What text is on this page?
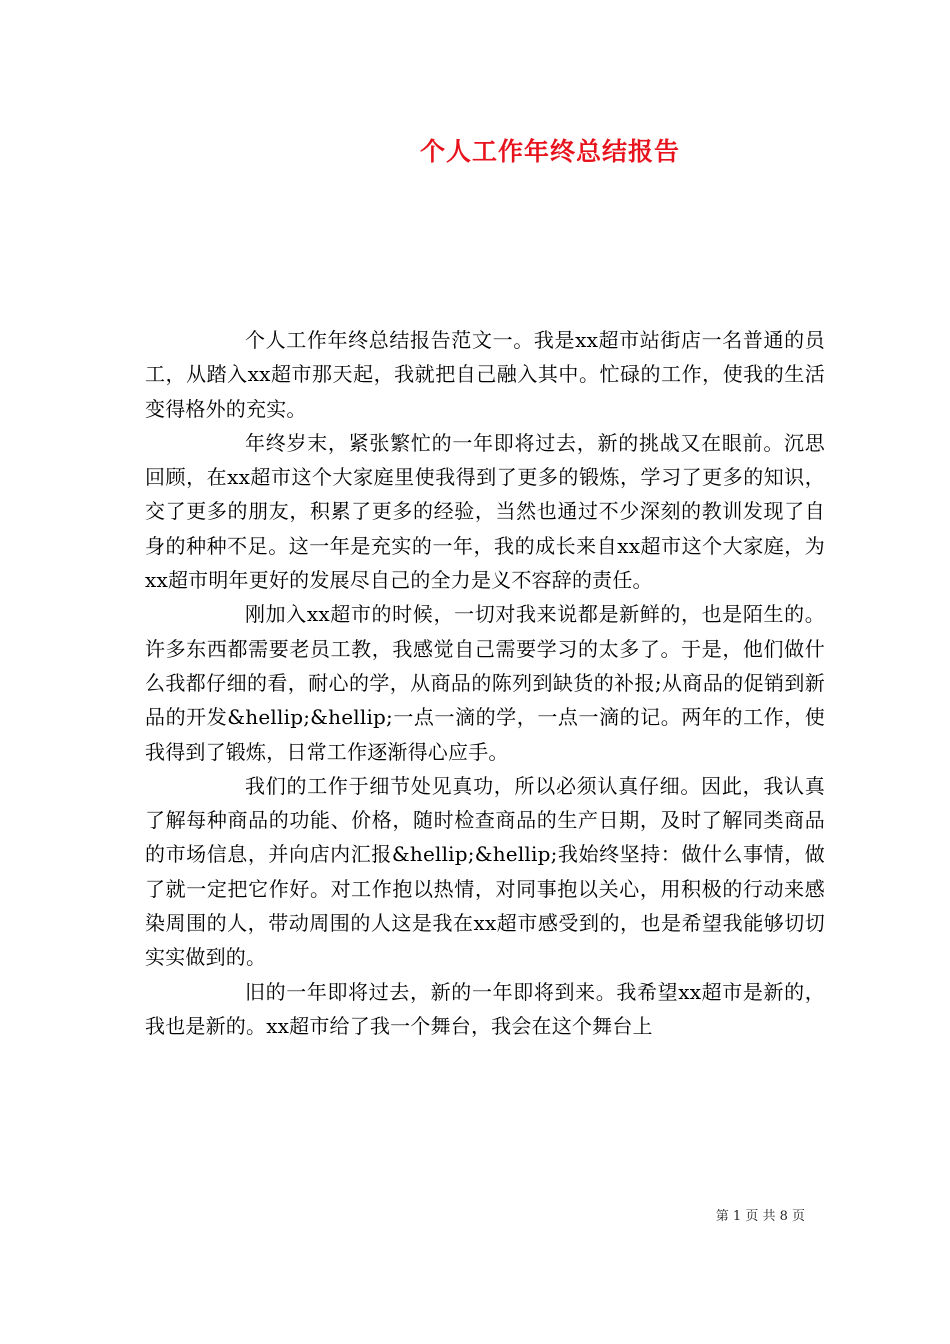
个人工作年终总结报告

个人工作年终总结报告范文一。我是xx超市站街店一名普通的员工，从踏入xx超市那天起，我就把自己融入其中。忙碌的工作，使我的生活变得格外的充实。

年终岁末，紧张繁忙的一年即将过去，新的挑战又在眼前。沉思回顾，在xx超市这个大家庭里使我得到了更多的锻炼，学习了更多的知识，交了更多的朋友，积累了更多的经验，当然也通过不少深刻的教训发现了自身的种种不足。这一年是充实的一年，我的成长来自xx超市这个大家庭，为xx超市明年更好的发展尽自己的全力是义不容辞的责任。

刚加入xx超市的时候，一切对我来说都是新鲜的，也是陌生的。许多东西都需要老员工教，我感觉自己需要学习的太多了。于是，他们做什么我都仔细的看，耐心的学，从商品的陈列到缺货的补报;从商品的促销到新品的开发&hellip;&hellip;一点一滴的学，一点一滴的记。两年的工作，使我得到了锻炼，日常工作逐渐得心应手。

我们的工作于细节处见真功，所以必须认真仔细。因此，我认真了解每种商品的功能、价格，随时检查商品的生产日期，及时了解同类商品的市场信息，并向店内汇报&hellip;&hellip;我始终坚持：做什么事情，做了就一定把它作好。对工作抱以热情，对同事抱以关心，用积极的行动来感染周围的人，带动周围的人这是我在xx超市感受到的，也是希望我能够切切实实做到的。

旧的一年即将过去，新的一年即将到来。我希望xx超市是新的，我也是新的。xx超市给了我一个舞台，我会在这个舞台上

第 1 页 共 8 页
